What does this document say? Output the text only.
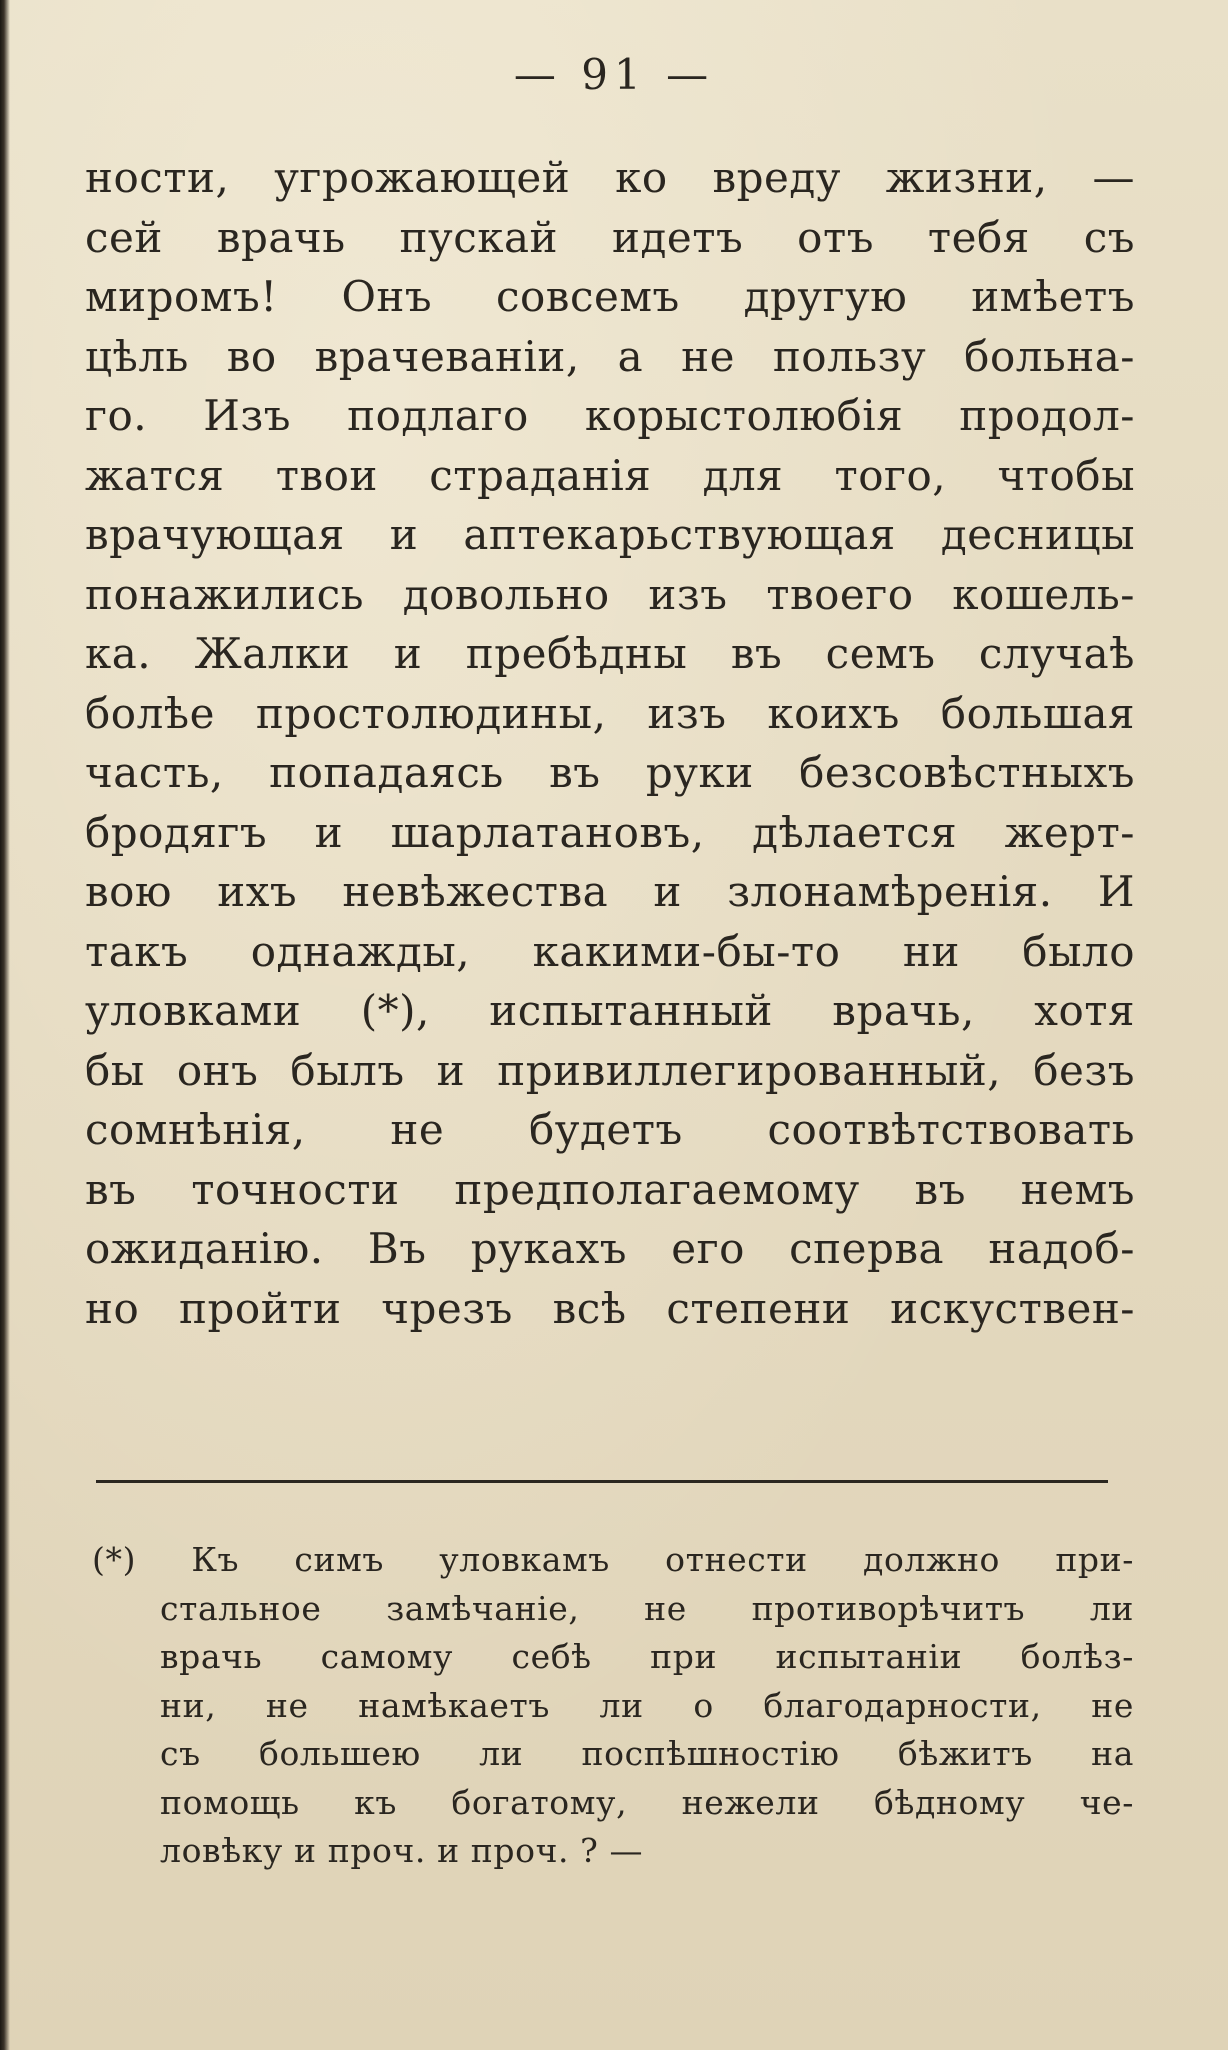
— 91 —
ности, угрожающей ко вреду жизни, —
сей врачь пускай идетъ отъ тебя съ
миромъ! Онъ совсемъ другую имѣетъ
цѣль во врачеваніи, а не пользу больна-
го. Изъ подлаго корыстолюбія продол-
жатся твои страданія для того, чтобы
врачующая и аптекарьствующая десницы
понажились довольно изъ твоего кошель-
ка. Жалки и пребѣдны въ семъ случаѣ
болѣе простолюдины, изъ коихъ большая
часть, попадаясь въ руки безсовѣстныхъ
бродягъ и шарлатановъ, дѣлается жерт-
вою ихъ невѣжества и злонамѣренія. И
такъ однажды, какими-бы-то ни было
уловками (*), испытанный врачь, хотя
бы онъ былъ и привиллегированный, безъ
сомнѣнія, не будетъ соотвѣтствовать
въ точности предполагаемому въ немъ
ожиданію. Въ рукахъ его сперва надоб-
но пройти чрезъ всѣ степени искуствен-
(*) Къ симъ уловкамъ отнести должно при-
стальное замѣчаніе, не противорѣчитъ ли
врачь самому себѣ при испытаніи болѣз-
ни, не намѣкаетъ ли о благодарности, не
съ большею ли поспѣшностію бѣжитъ на
помощь къ богатому, нежели бѣдному че-
ловѣку и проч. и проч. ? —
